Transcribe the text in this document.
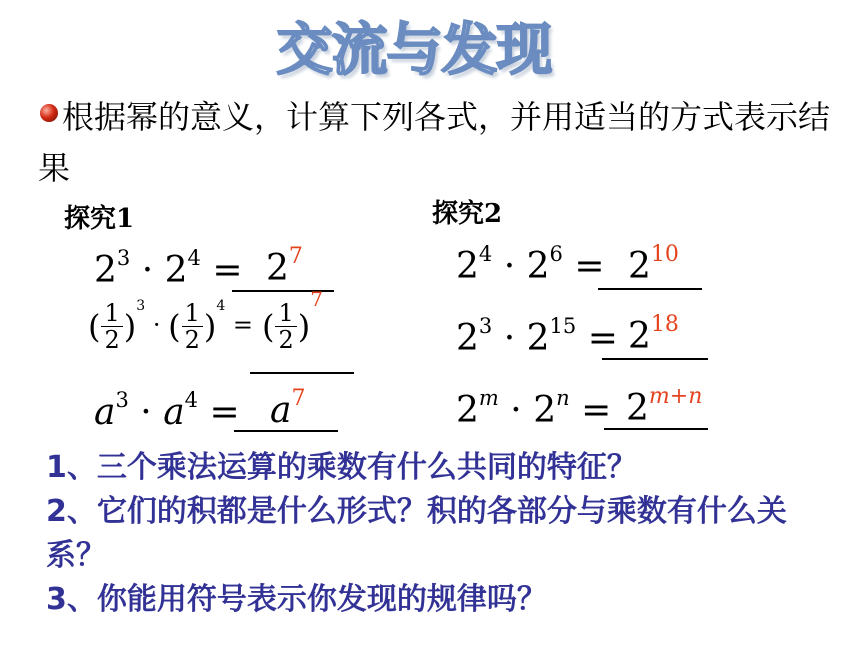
交流与发现
根据幂的意义，计算下列各式，并用适当的方式表示结果
探究1	探究2
$2^3 \cdot 2^4 = 2^7$
( $\frac{1}{2} )^3$ · ( $\frac{1}{2} )^4$ = ( $\frac{1}{2} )^7$
$a^3 \cdot a^4 = a^7$
$2^4 \cdot 2^6 = 2^{10}$
$2^3 \cdot 2^{15} = 2^{18}$
$2^m \cdot 2^n = 2^{m+n}$
1、三个乘法运算的乘数有什么共同的特征？
2、它们的积都是什么形式？积的各部分与乘数有什么关系？
3、你能用符号表示你发现的规律吗？
